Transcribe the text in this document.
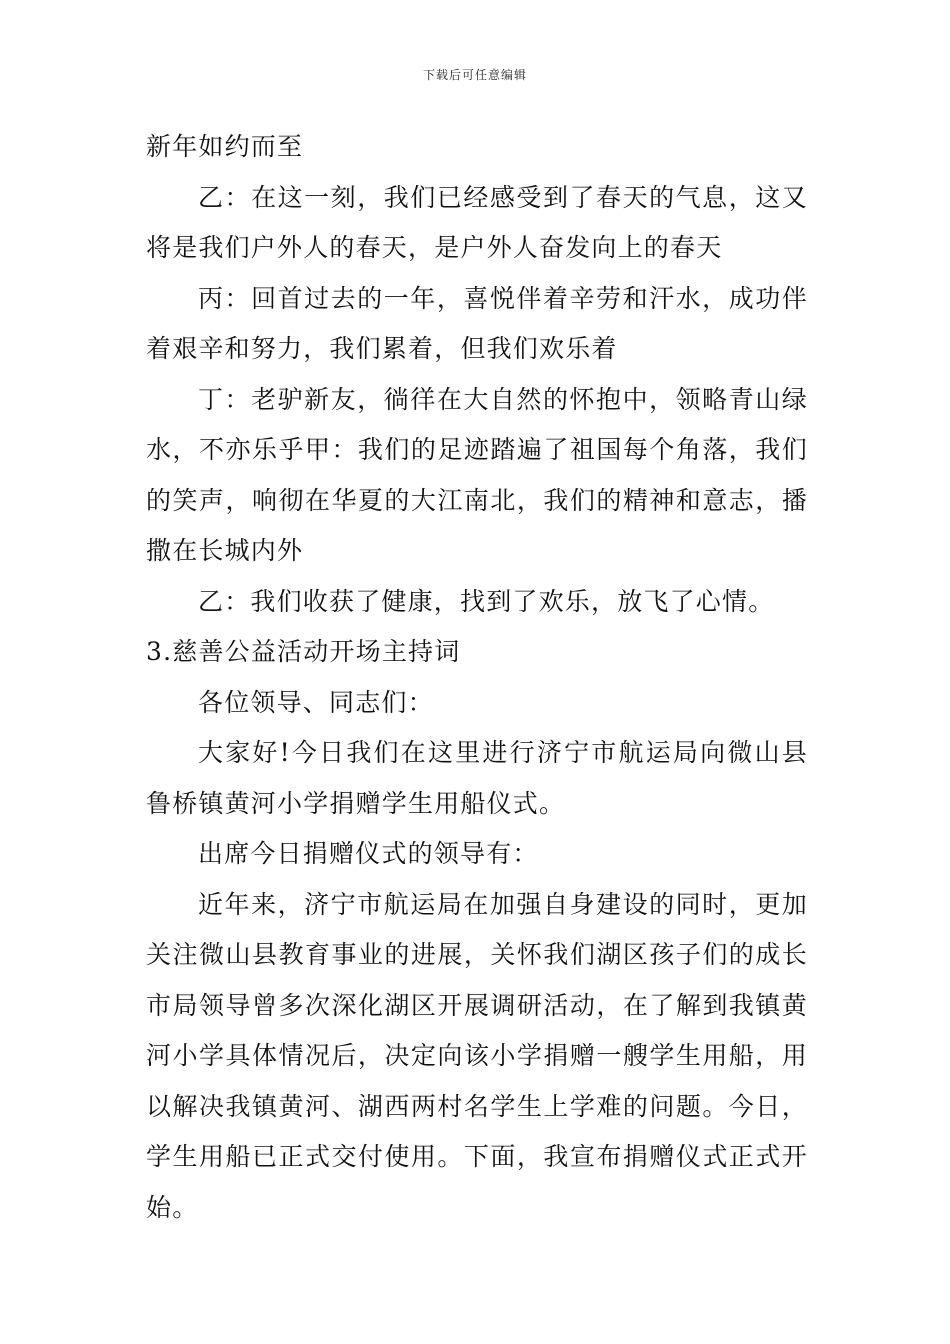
下载后可任意编辑

新年如约而至

乙：在这一刻，我们已经感受到了春天的气息，这又将是我们户外人的春天，是户外人奋发向上的春天

丙：回首过去的一年，喜悦伴着辛劳和汗水，成功伴着艰辛和努力，我们累着，但我们欢乐着

丁：老驴新友，徜徉在大自然的怀抱中，领略青山绿水，不亦乐乎甲：我们的足迹踏遍了祖国每个角落，我们的笑声，响彻在华夏的大江南北，我们的精神和意志，播撒在长城内外

乙：我们收获了健康，找到了欢乐，放飞了心情。

3.慈善公益活动开场主持词

各位领导、同志们：

大家好!今日我们在这里进行济宁市航运局向微山县鲁桥镇黄河小学捐赠学生用船仪式。

出席今日捐赠仪式的领导有：

近年来，济宁市航运局在加强自身建设的同时，更加关注微山县教育事业的进展，关怀我们湖区孩子们的成长市局领导曾多次深化湖区开展调研活动，在了解到我镇黄河小学具体情况后，决定向该小学捐赠一艘学生用船，用以解决我镇黄河、湖西两村名学生上学难的问题。今日，学生用船已正式交付使用。下面，我宣布捐赠仪式正式开始。
